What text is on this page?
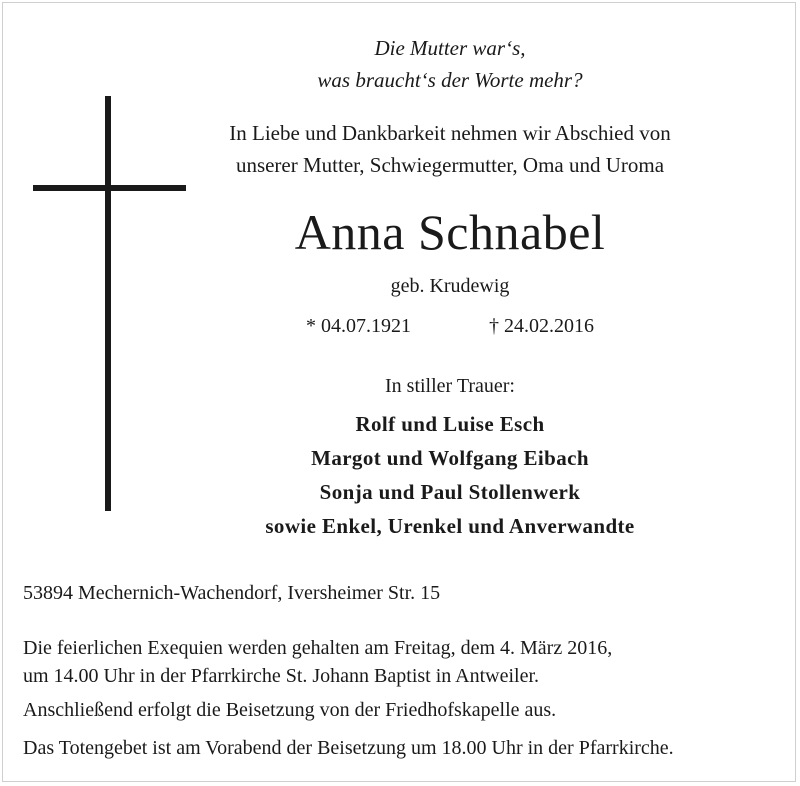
Die Mutter war‘s,
was braucht‘s der Worte mehr?
In Liebe und Dankbarkeit nehmen wir Abschied von
unserer Mutter, Schwiegermutter, Oma und Uroma
Anna Schnabel
geb. Krudewig
* 04.07.1921	† 24.02.2016
In stiller Trauer:
Rolf und Luise Esch
Margot und Wolfgang Eibach
Sonja und Paul Stollenwerk
sowie Enkel, Urenkel und Anverwandte
53894 Mechernich-Wachendorf, Iversheimer Str. 15
Die feierlichen Exequien werden gehalten am Freitag, dem 4. März 2016,
um 14.00 Uhr in der Pfarrkirche St. Johann Baptist in Antweiler.
Anschließend erfolgt die Beisetzung von der Friedhofskapelle aus.
Das Totengebet ist am Vorabend der Beisetzung um 18.00 Uhr in der Pfarrkirche.
